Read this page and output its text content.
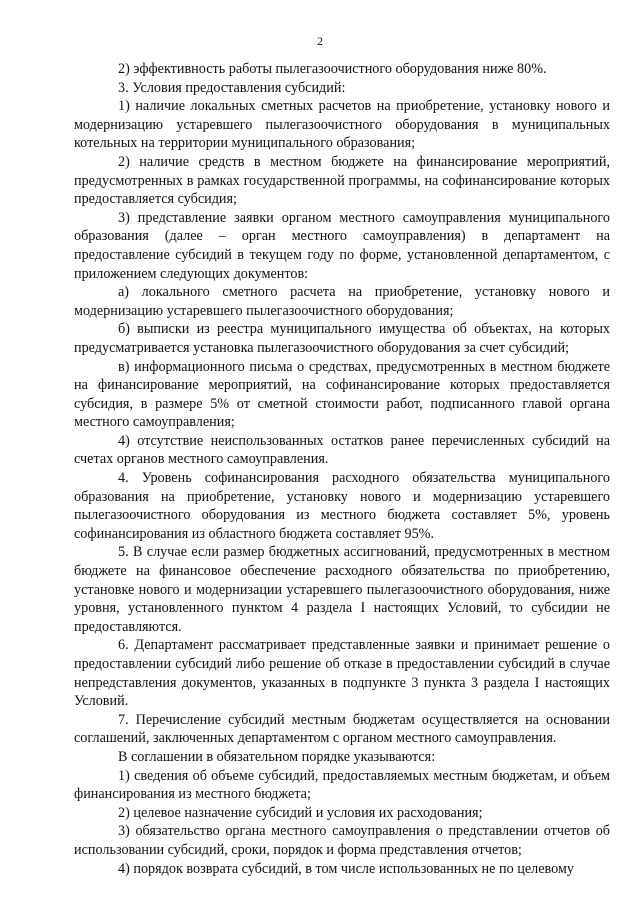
2

2) эффективность работы пылегазоочистного оборудования ниже 80%.

3. Условия предоставления субсидий:

1) наличие локальных сметных расчетов на приобретение, установку нового и модернизацию устаревшего пылегазоочистного оборудования в муниципальных котельных на территории муниципального образования;

2) наличие средств в местном бюджете на финансирование мероприятий, предусмотренных в рамках государственной программы, на софинансирование которых предоставляется субсидия;

3) представление заявки органом местного самоуправления муниципального образования (далее – орган местного самоуправления) в департамент на предоставление субсидий в текущем году по форме, установленной департаментом, с приложением следующих документов:

а) локального сметного расчета на приобретение, установку нового и модернизацию устаревшего пылегазоочистного оборудования;

б) выписки из реестра муниципального имущества об объектах, на которых предусматривается установка пылегазоочистного оборудования за счет субсидий;

в) информационного письма о средствах, предусмотренных в местном бюджете на финансирование мероприятий, на софинансирование которых предоставляется субсидия, в размере 5% от сметной стоимости работ, подписанного главой органа местного самоуправления;

4) отсутствие неиспользованных остатков ранее перечисленных субсидий на счетах органов местного самоуправления.

4. Уровень софинансирования расходного обязательства муниципального образования на приобретение, установку нового и модернизацию устаревшего пылегазоочистного оборудования из местного бюджета составляет 5%, уровень софинансирования из областного бюджета составляет 95%.

5. В случае если размер бюджетных ассигнований, предусмотренных в местном бюджете на финансовое обеспечение расходного обязательства по приобретению, установке нового и модернизации устаревшего пылегазоочистного оборудования, ниже уровня, установленного пунктом 4 раздела I настоящих Условий, то субсидии не предоставляются.

6. Департамент рассматривает представленные заявки и принимает решение о предоставлении субсидий либо решение об отказе в предоставлении субсидий в случае непредставления документов, указанных в подпункте 3 пункта 3 раздела I настоящих Условий.

7. Перечисление субсидий местным бюджетам осуществляется на основании соглашений, заключенных департаментом с органом местного самоуправления.

В соглашении в обязательном порядке указываются:

1) сведения об объеме субсидий, предоставляемых местным бюджетам, и объем финансирования из местного бюджета;

2) целевое назначение субсидий и условия их расходования;

3) обязательство органа местного самоуправления о представлении отчетов об использовании субсидий, сроки, порядок и форма представления отчетов;

4) порядок возврата субсидий, в том числе использованных не по целевому
